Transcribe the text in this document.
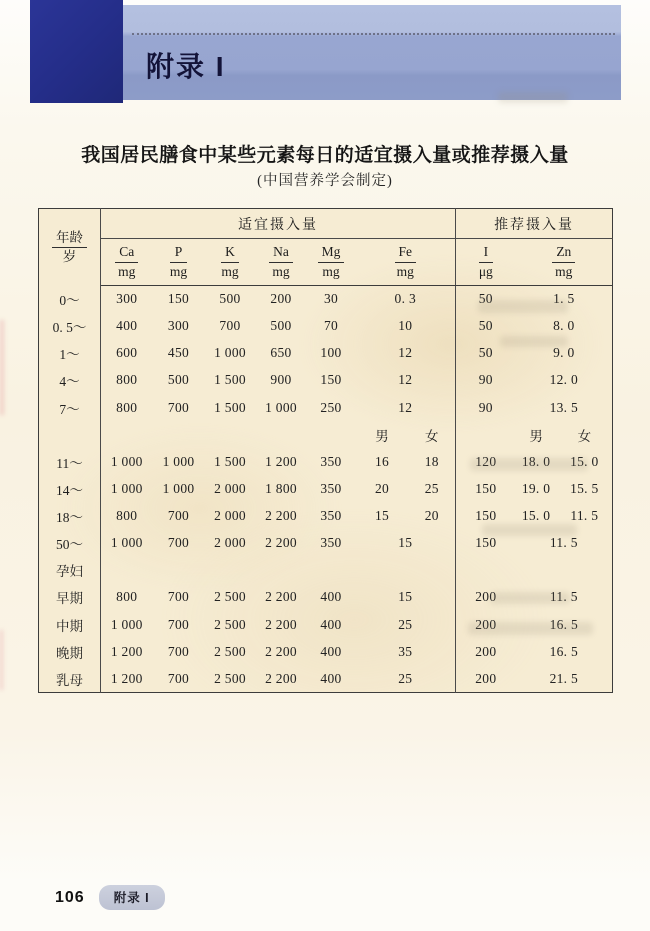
附录 I
我国居民膳食中某些元素每日的适宜摄入量或推荐摄入量
(中国营养学会制定)
$\frac{\text{年龄}}{\text{岁}}$	适宜摄入量							推荐摄入量		

	$\frac{Ca}{mg}$	$\frac{P}{mg}$	$\frac{K}{mg}$	$\frac{Na}{mg}$	$\frac{Mg}{mg}$	$\frac{Fe}{mg}$		$\frac{I}{\mu g}$	$\frac{Zn}{mg}$

0～	300	150	500	200	30	0. 3		50	1. 5	
0. 5～	400	300	700	500	70	10		50	8. 0	
1～	600	450	1 000	650	100	12		50	9. 0	
4～	800	500	1 500	900	150	12		90	12. 0	
7～	800	700	1 500	1 000	250	12		90	13. 5	
						男	女		男	女
11～	1 000	1 000	1 500	1 200	350	16	18	120	18. 0	15. 0
14～	1 000	1 000	2 000	1 800	350	20	25	150	19. 0	15. 5
18～	800	700	2 000	2 200	350	15	20	150	15. 0	11. 5
50～	1 000	700	2 000	2 200	350	15		150	11. 5	
孕妇										
早期	800	700	2 500	2 200	400	15		200	11. 5	
中期	1 000	700	2 500	2 200	400	25		200	16. 5	
晚期	1 200	700	2 500	2 200	400	35		200	16. 5	
乳母	1 200	700	2 500	2 200	400	25		200	21. 5	
106	附录 I
